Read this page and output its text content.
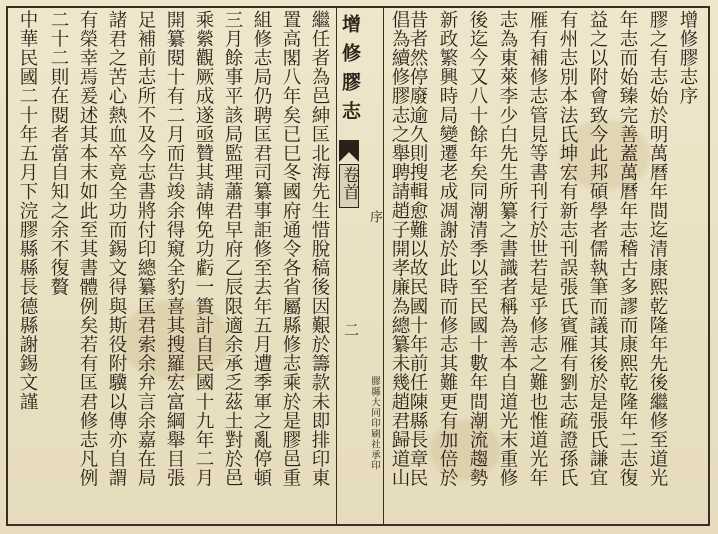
增修膠志
卷首
序
二
膠縣大同印刷社承印
增修膠志序
膠之有志始於明萬曆年間迄清康熙乾隆年先後繼修至道光
年志而始臻完善蓋萬曆年志稽古多謬而康熙乾隆年二志復
益之以附會致今此邦碩學者儒執筆而議其後於是張氏謙宜
有州志別本法氏坤宏有新志刊誤張氏賓雁有劉志疏證孫氏
雁有補修志管見等書刊行於世若是乎修志之難也惟道光年
志為東萊李少白先生所纂之書識者稱為善本自道光末重修
後迄今又八十餘年矣同潮清季以至民國十數年間潮流趨勢
新政繁興時局變遷老成凋謝於此時而修志其難更有加倍於
昔者然停廢逾久則搜輯愈難以故民國十年前任陳縣長章民
倡為續修膠志之舉聘請趙子開孝廉為總纂未幾趙君歸道山
繼任者為邑紳匡北海先生惜脫稿後因艱於籌款未即排印東
置高閣八年矣已巳冬國府通令各省屬縣修志乘於是膠邑重
組修志局仍聘匡君司纂事詎修至去年五月遭季軍之亂停頓
三月餘事平該局監理蕭君早府乙辰限適余承乏茲土對於邑
乘縈觀厥成遂亟贊其請俾免功虧一簣計自民國十九年二月
開纂閱十有二月而告竣余得窺全豹喜其搜羅宏富綱舉目張
足補前志所不及今志書將付印總纂匡君索余弁言余嘉在局
諸君之苦心熱血卒竟全功而錫文得與斯役附驥以傳亦自謂
有榮幸焉爰述其本末如此至其書體例矣若有匡君修志凡例
二十二則在閱者當自知之余不復贅
中華民國二十年五月下浣膠縣縣長德縣謝錫文謹
